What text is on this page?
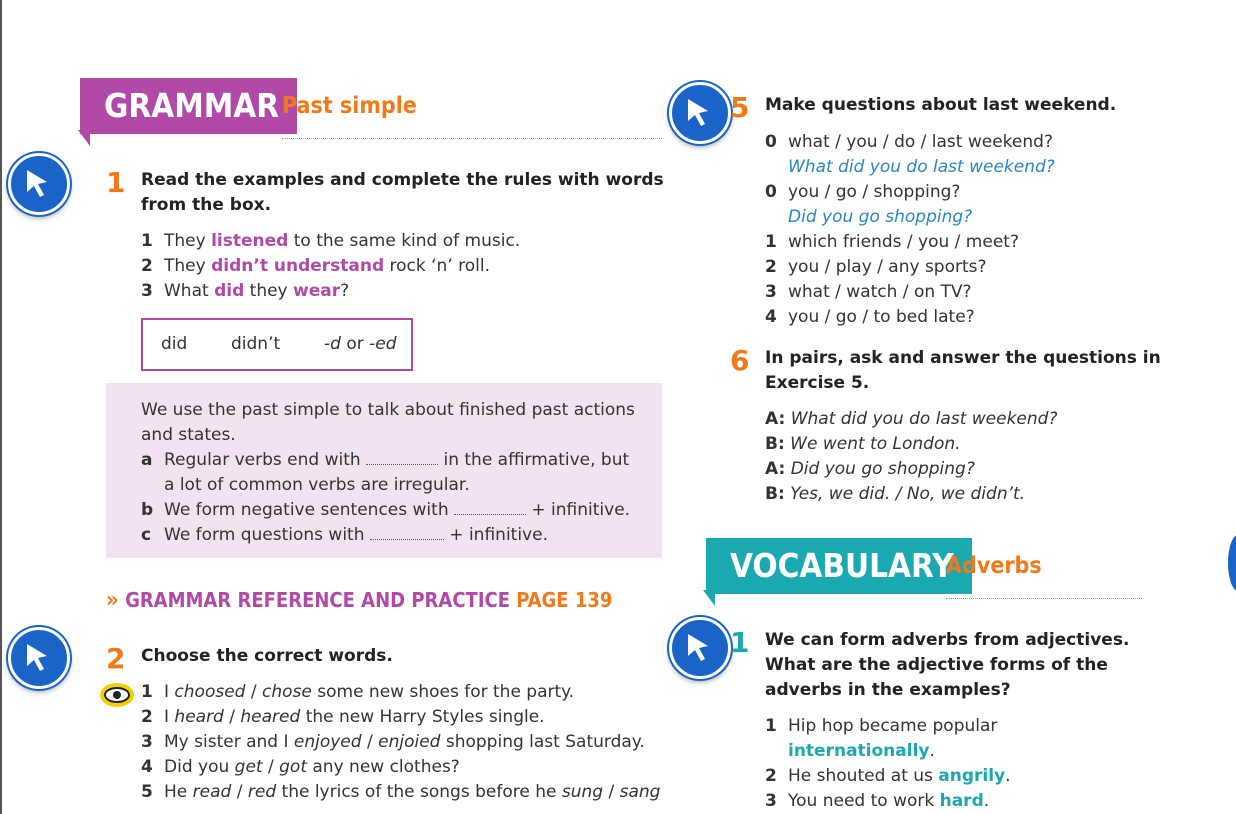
GRAMMAR Past simple
1 Read the examples and complete the rules with words
from the box.
1 They listened to the same kind of music.
2 They didn’t understand rock ‘n’ roll.
3 What did they wear?
did	didn’t	-d or -ed
We use the past simple to talk about finished past actions
and states.
a Regular verbs end with	in the affirmative, but
a lot of common verbs are irregular.
b We form negative sentences with	+ infinitive.
c We form questions with	+ infinitive.
» GRAMMAR REFERENCE AND PRACTICE PAGE 139
2 Choose the correct words.
1 I choosed / chose some new shoes for the party.
2 I heard / heared the new Harry Styles single.
3 My sister and I enjoyed / enjoied shopping last Saturday.
4 Did you get / got any new clothes?
5 He read / red the lyrics of the songs before he sung / sang
5 Make questions about last weekend.
0 what / you / do / last weekend?
What did you do last weekend?
0 you / go / shopping?
Did you go shopping?
1 which friends / you / meet?
2 you / play / any sports?
3 what / watch / on TV?
4 you / go / to bed late?
6 In pairs, ask and answer the questions in
Exercise 5.
A: What did you do last weekend?
B: We went to London.
A: Did you go shopping?
B: Yes, we did. / No, we didn’t.
VOCABULARY
Adverbs
1 We can form adverbs from adjectives.
What are the adjective forms of the
adverbs in the examples?
1 Hip hop became popular
internationally.
2 He shouted at us angrily.
3 You need to work hard.
